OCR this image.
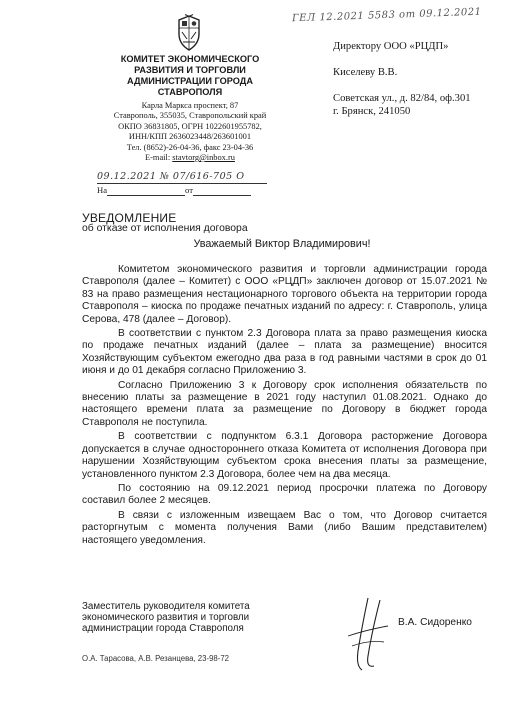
ГЕЛ 12.2021 5583 от 09.12.2021
КОМИТЕТ ЭКОНОМИЧЕСКОГО
РАЗВИТИЯ И ТОРГОВЛИ
АДМИНИСТРАЦИИ ГОРОДА
СТАВРОПОЛЯ
Карла Маркса проспект, 87
Ставрополь, 355035, Ставропольский край
ОКПО 36831805, ОГРН 1022601955782,
ИНН/КПП 2636023448/263601001
Тел. (8652)-26-04-36, факс 23-04-36
E-mail: stavtorg@inbox.ru
09.12.2021 № 07/616-705 О
На	от
Директору ООО «РЦДП»
Киселеву В.В.
Советская ул., д. 82/84, оф.301
г. Брянск, 241050
УВЕДОМЛЕНИЕ
об отказе от исполнения договора
Уважаемый Виктор Владимирович!

Комитетом экономического развития и торговли администрации города Ставрополя (далее – Комитет) с ООО «РЦДП» заключен договор от 15.07.2021 № 83 на право размещения нестационарного торгового объекта на территории города Ставрополя – киоска по продаже печатных изданий по адресу: г. Ставрополь, улица Серова, 478 (далее – Договор).

В соответствии с пунктом 2.3 Договора плата за право размещения киоска по продаже печатных изданий (далее – плата за размещение) вносится Хозяйствующим субъектом ежегодно два раза в год равными частями в срок до 01 июня и до 01 декабря согласно Приложению 3.

Согласно Приложению 3 к Договору срок исполнения обязательств по внесению платы за размещение в 2021 году наступил 01.08.2021. Однако до настоящего времени плата за размещение по Договору в бюджет города Ставрополя не поступила.

В соответствии с подпунктом 6.3.1 Договора расторжение Договора допускается в случае одностороннего отказа Комитета от исполнения Договора при нарушении Хозяйствующим субъектом срока внесения платы за размещение, установленного пунктом 2.3 Договора, более чем на два месяца.

По состоянию на 09.12.2021 период просрочки платежа по Договору составил более 2 месяцев.

В связи с изложенным извещаем Вас о том, что Договор считается расторгнутым с момента получения Вами (либо Вашим представителем) настоящего уведомления.

Заместитель руководителя комитета
экономического развития и торговли
администрации города Ставрополя
В.А. Сидоренко
О.А. Тарасова, А.В. Резанцева, 23-98-72
